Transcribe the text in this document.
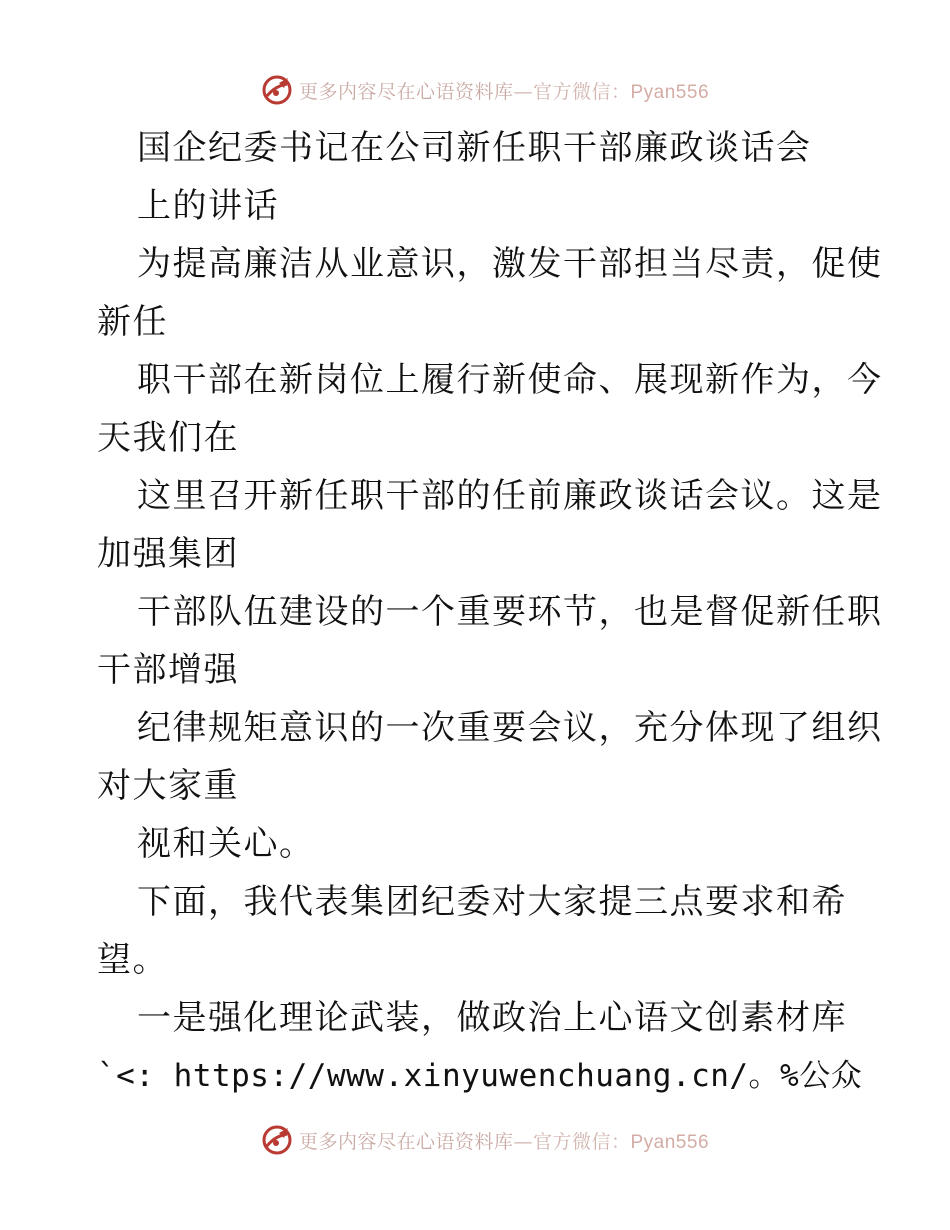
更多内容尽在心语资料库—官方微信：Pyan556
国企纪委书记在公司新任职干部廉政谈话会
上的讲话
为提高廉洁从业意识，激发干部担当尽责，促使
新任
职干部在新岗位上履行新使命、展现新作为，今
天我们在
这里召开新任职干部的任前廉政谈话会议。这是
加强集团
干部队伍建设的一个重要环节，也是督促新任职
干部增强
纪律规矩意识的一次重要会议，充分体现了组织
对大家重
视和关心。
下面，我代表集团纪委对大家提三点要求和希
望。
一是强化理论武装，做政治上心语文创素材库
`<: https://www.xinyuwenchuang.cn/。%公众
更多内容尽在心语资料库—官方微信：Pyan556
